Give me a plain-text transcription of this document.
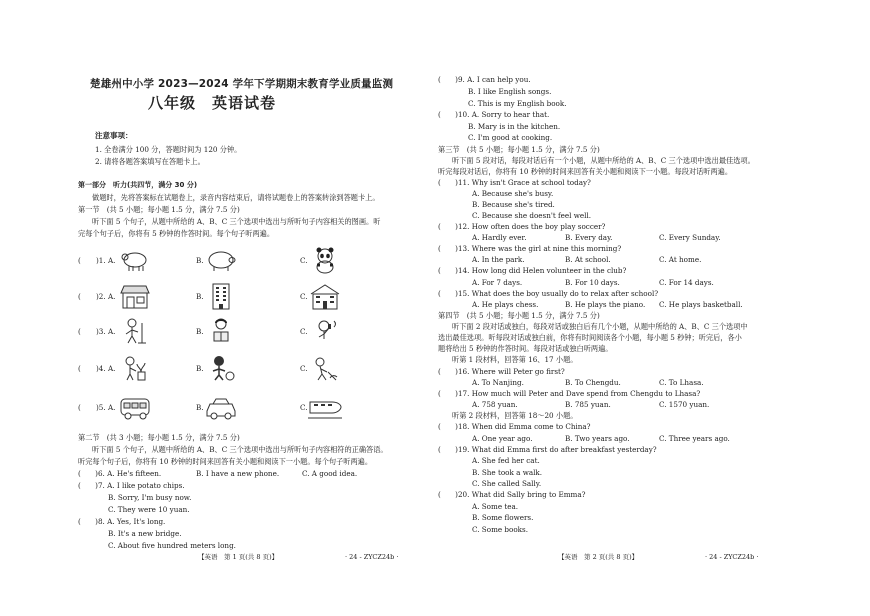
楚雄州中小学 2023—2024 学年下学期期末教育学业质量监测
八年级　英语试卷
注意事项：
1. 全卷满分 100 分，答题时间为 120 分钟。
2. 请将各题答案填写在答题卡上。
第一部分　听力(共四节，满分 30 分)
做题时，先将答案标在试题卷上，录音内容结束后，请将试题卷上的答案转涂到答题卡上。
第一节　(共 5 小题；每小题 1.5 分，满分 7.5 分)
听下面 5 个句子，从题中所给的 A、B、C 三个选项中选出与所听句子内容相关的图画。听
完每个句子后，你将有 5 秒钟的作答时间。每个句子听两遍。
( )1. A.	B.	C.
( )2. A.	B.	C.
( )3. A.	B.	C.
( )4. A.	B.	C.
( )5. A.	B.	C.
第二节　(共 3 小题；每小题 1.5 分，满分 7.5 分)
听下面 5 个句子，从题中所给的 A、B、C 三个选项中选出与所听句子内容相符的正确答语。
听完每个句子后，你将有 10 秒钟的时间来回答有关小题和阅读下一小题。每个句子听两遍。
(　　)6. A. He's fifteen.	B. I have a new phone.	C. A good idea.
(　　)7. A. I like potato chips.
B. Sorry, I'm busy now.
C. They were 10 yuan.
(　　)8. A. Yes, It's long.
B. It's a new bridge.
C. About five hundred meters long.
【英语　第 1 页(共 8 页)】	· 24 - ZYCZ24b ·
(　　)9. A. I can help you.
B. I like English songs.
C. This is my English book.
(　　)10. A. Sorry to hear that.
B. Mary is in the kitchen.
C. I'm good at cooking.
第三节　(共 5 小题；每小题 1.5 分，满分 7.5 分)
听下面 5 段对话，每段对话后有一个小题，从题中所给的 A、B、C 三个选项中选出最佳选项。
听完每段对话后，你将有 10 秒钟的时间来回答有关小题和阅读下一小题。每段对话听两遍。
(　　)11. Why isn't Grace at school today?
A. Because she's busy.
B. Because she's tired.
C. Because she doesn't feel well.
(　　)12. How often does the boy play soccer?
A. Hardly ever.	B. Every day.	C. Every Sunday.
(　　)13. Where was the girl at nine this morning?
A. In the park.	B. At school.	C. At home.
(　　)14. How long did Helen volunteer in the club?
A. For 7 days.	B. For 10 days.	C. For 14 days.
(　　)15. What does the boy usually do to relax after school?
A. He plays chess.	B. He plays the piano. C. He plays basketball.
第四节　(共 5 小题；每小题 1.5 分，满分 7.5 分)
听下面 2 段对话或独白，每段对话或独白后有几个小题，从题中所给的 A、B、C 三个选项中
选出最佳选项。听每段对话或独白前，你将有时间阅读各个小题，每小题 5 秒钟；听完后，各小
题将给出 5 秒钟的作答时间。每段对话或独白听两遍。
听第 1 段材料，回答第 16、17 小题。
(　　)16. Where will Peter go first?
A. To Nanjing.	B. To Chengdu.	C. To Lhasa.
(　　)17. How much will Peter and Dave spend from Chengdu to Lhasa?
A. 758 yuan.	B. 785 yuan.	C. 1570 yuan.
听第 2 段材料，回答第 18～20 小题。
(　　)18. When did Emma come to China?
A. One year ago.	B. Two years ago.	C. Three years ago.
(　　)19. What did Emma first do after breakfast yesterday?
A. She fed her cat.
B. She took a walk.
C. She called Sally.
(　　)20. What did Sally bring to Emma?
A. Some tea.
B. Some flowers.
C. Some books.
【英语　第 2 页(共 8 页)】	· 24 - ZYCZ24b ·
